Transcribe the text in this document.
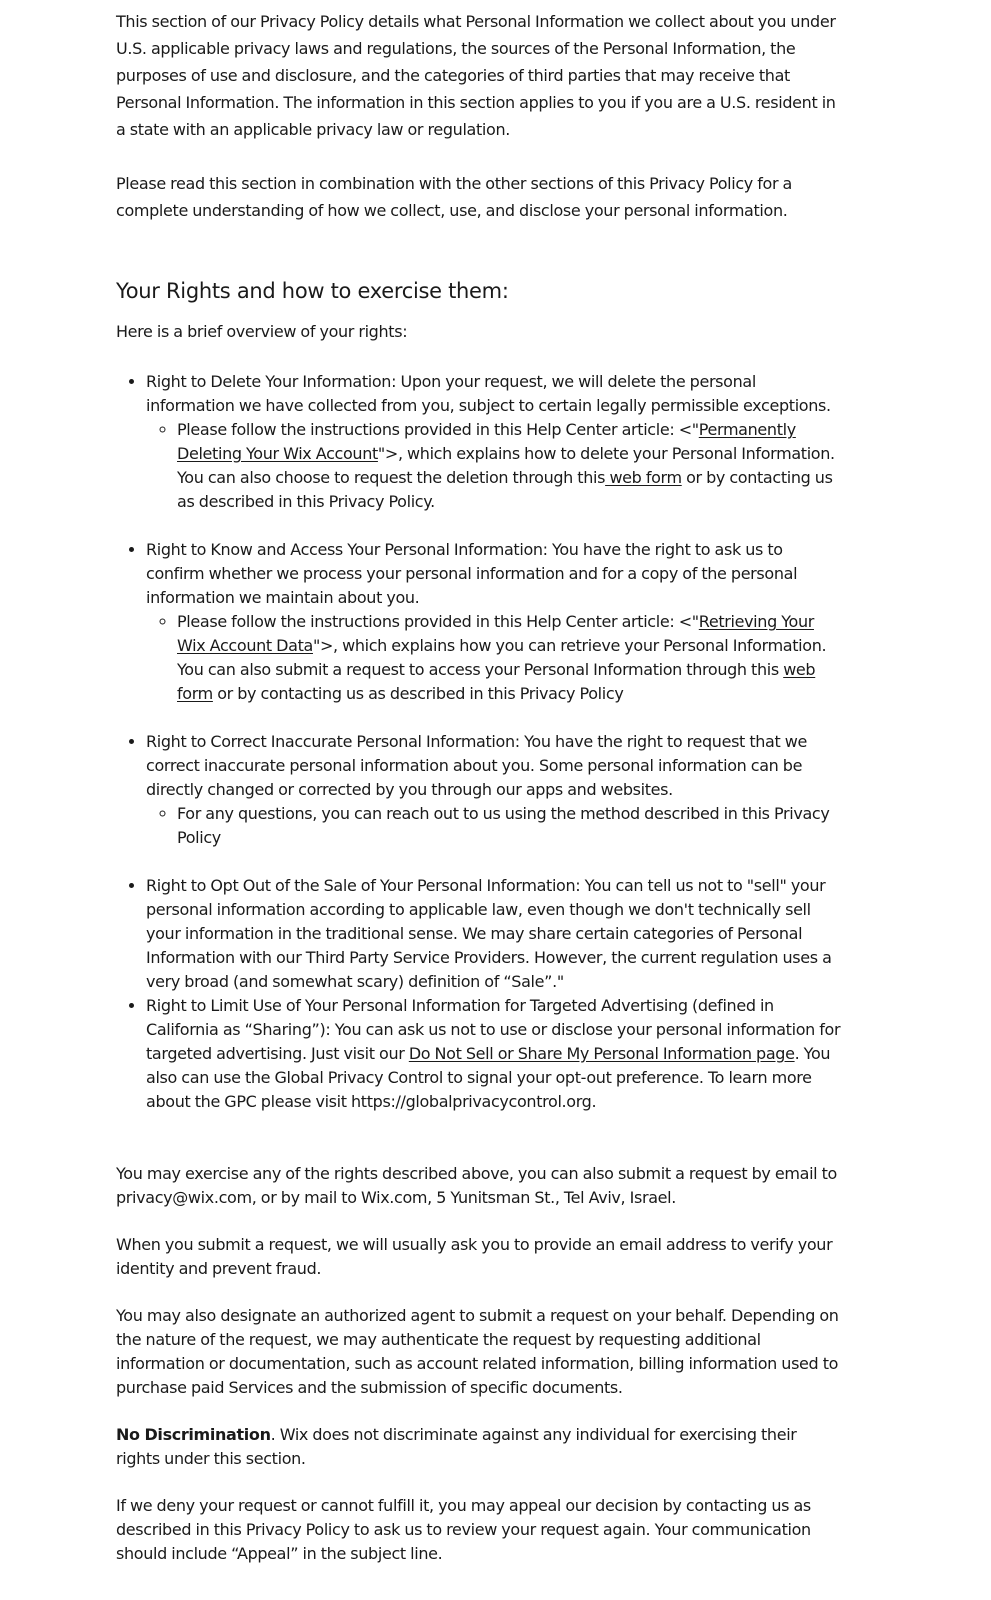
This section of our Privacy Policy details what Personal Information we collect about you under U.S. applicable privacy laws and regulations, the sources of the Personal Information, the purposes of use and disclosure, and the categories of third parties that may receive that Personal Information. The information in this section applies to you if you are a U.S. resident in a state with an applicable privacy law or regulation.

Please read this section in combination with the other sections of this Privacy Policy for a complete understanding of how we collect, use, and disclose your personal information.

Your Rights and how to exercise them:

Here is a brief overview of your rights:

• Right to Delete Your Information: Upon your request, we will delete the personal information we have collected from you, subject to certain legally permissible exceptions.
◦ Please follow the instructions provided in this Help Center article: <"Permanently Deleting Your Wix Account">, which explains how to delete your Personal Information. You can also choose to request the deletion through this web form or by contacting us as described in this Privacy Policy.
• Right to Know and Access Your Personal Information: You have the right to ask us to confirm whether we process your personal information and for a copy of the personal information we maintain about you.
◦ Please follow the instructions provided in this Help Center article: <"Retrieving Your Wix Account Data">, which explains how you can retrieve your Personal Information. You can also submit a request to access your Personal Information through this web form or by contacting us as described in this Privacy Policy
• Right to Correct Inaccurate Personal Information: You have the right to request that we correct inaccurate personal information about you. Some personal information can be directly changed or corrected by you through our apps and websites.
◦ For any questions, you can reach out to us using the method described in this Privacy Policy
• Right to Opt Out of the Sale of Your Personal Information: You can tell us not to "sell" your personal information according to applicable law, even though we don't technically sell your information in the traditional sense. We may share certain categories of Personal Information with our Third Party Service Providers. However, the current regulation uses a very broad (and somewhat scary) definition of “Sale”."
• Right to Limit Use of Your Personal Information for Targeted Advertising (defined in California as “Sharing”): You can ask us not to use or disclose your personal information for targeted advertising. Just visit our Do Not Sell or Share My Personal Information page. You also can use the Global Privacy Control to signal your opt-out preference. To learn more about the GPC please visit https://globalprivacycontrol.org.

You may exercise any of the rights described above, you can also submit a request by email to privacy@wix.com, or by mail to Wix.com, 5 Yunitsman St., Tel Aviv, Israel.

When you submit a request, we will usually ask you to provide an email address to verify your identity and prevent fraud.

You may also designate an authorized agent to submit a request on your behalf. Depending on the nature of the request, we may authenticate the request by requesting additional information or documentation, such as account related information, billing information used to purchase paid Services and the submission of specific documents.

No Discrimination. Wix does not discriminate against any individual for exercising their rights under this section.

If we deny your request or cannot fulfill it, you may appeal our decision by contacting us as described in this Privacy Policy to ask us to review your request again. Your communication should include “Appeal” in the subject line.
